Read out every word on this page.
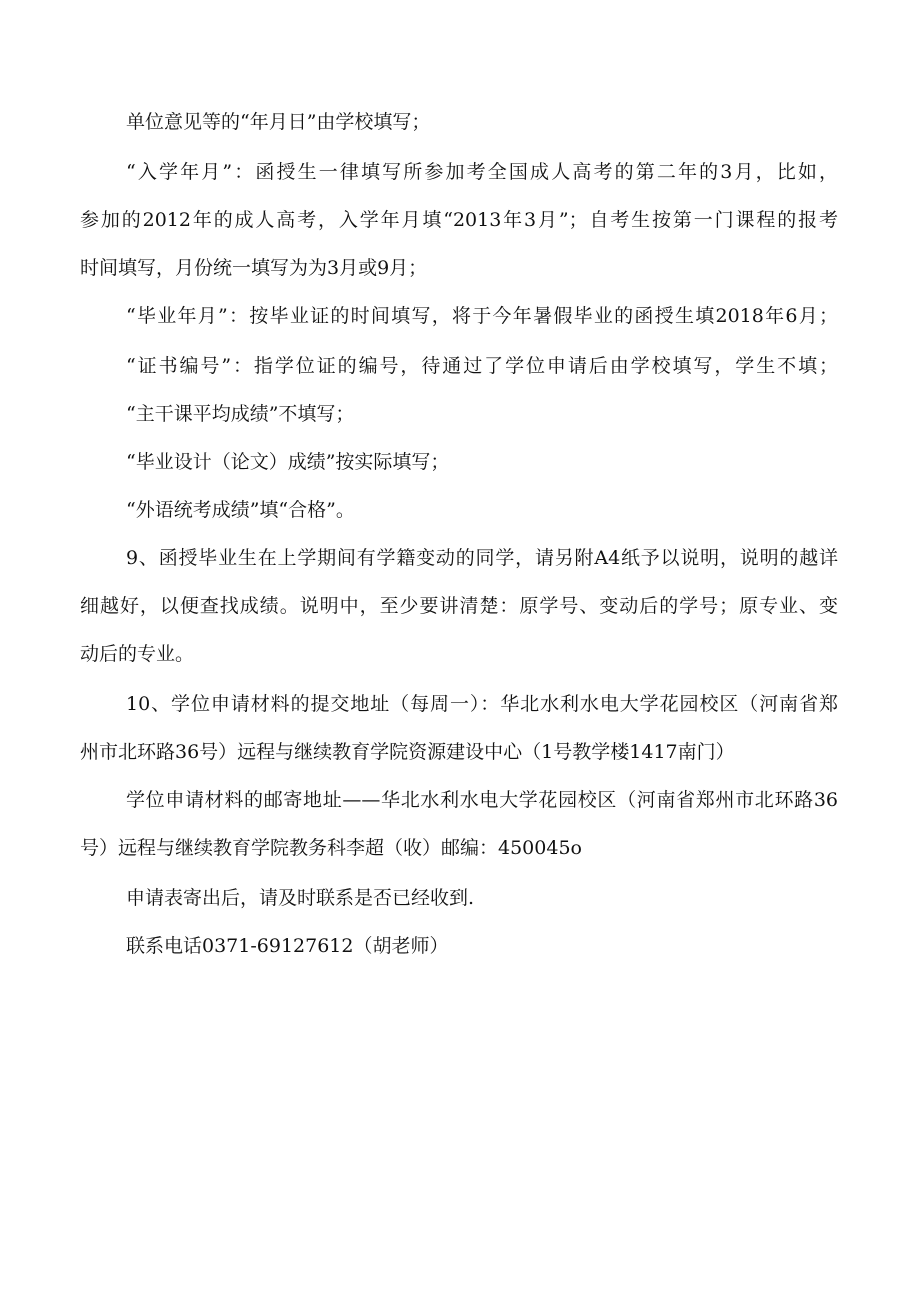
单位意见等的“年月日”由学校填写；
“入学年月”：函授生一律填写所参加考全国成人高考的第二年的3月，比如，
参加的2012年的成人高考，入学年月填“2013年3月”；自考生按第一门课程的报考
时间填写，月份统一填写为为3月或9月；
“毕业年月”：按毕业证的时间填写，将于今年暑假毕业的函授生填2018年6月；
“证书编号”：指学位证的编号，待通过了学位申请后由学校填写，学生不填；
“主干课平均成绩”不填写；
“毕业设计（论文）成绩”按实际填写；
“外语统考成绩”填“合格”。
9、函授毕业生在上学期间有学籍变动的同学，请另附A4纸予以说明，说明的越详
细越好，以便查找成绩。说明中，至少要讲清楚：原学号、变动后的学号；原专业、变
动后的专业。
10、学位申请材料的提交地址（每周一）：华北水利水电大学花园校区（河南省郑
州市北环路36号）远程与继续教育学院资源建设中心（1号教学楼1417南门）
学位申请材料的邮寄地址——华北水利水电大学花园校区（河南省郑州市北环路36
号）远程与继续教育学院教务科李超（收）邮编：450045o
申请表寄出后，请及时联系是否已经收到.
联系电话0371-69127612（胡老师）
